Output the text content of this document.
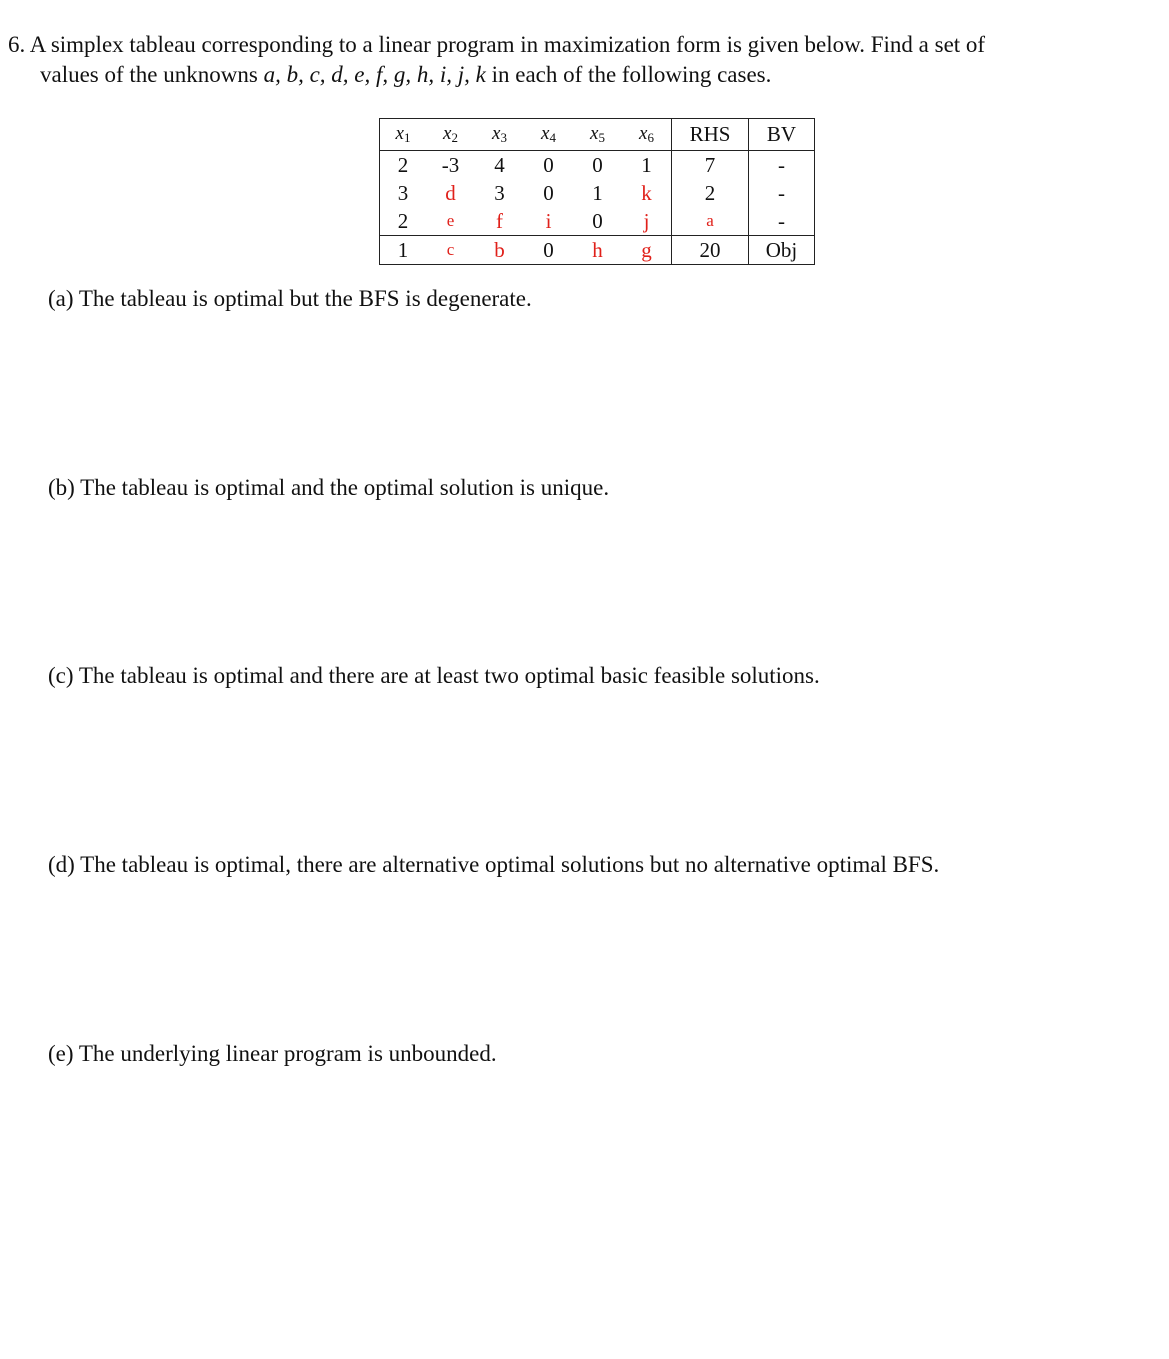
6. A simplex tableau corresponding to a linear program in maximization form is given below. Find a set of
values of the unknowns a, b, c, d, e, f, g, h, i, j, k in each of the following cases.
$x_1$	$x_2$	$x_3$	$x_4$	$x_5$	$x_6$	RHS	BV
2	-3	4	0	0	1	7	-
3	d	3	0	1	k	2	-
2	e	f	i	0	j	a	-
1	c	b	0	h	g	20	Obj
(a) The tableau is optimal but the BFS is degenerate.
(b) The tableau is optimal and the optimal solution is unique.
(c) The tableau is optimal and there are at least two optimal basic feasible solutions.
(d) The tableau is optimal, there are alternative optimal solutions but no alternative optimal BFS.
(e) The underlying linear program is unbounded.
